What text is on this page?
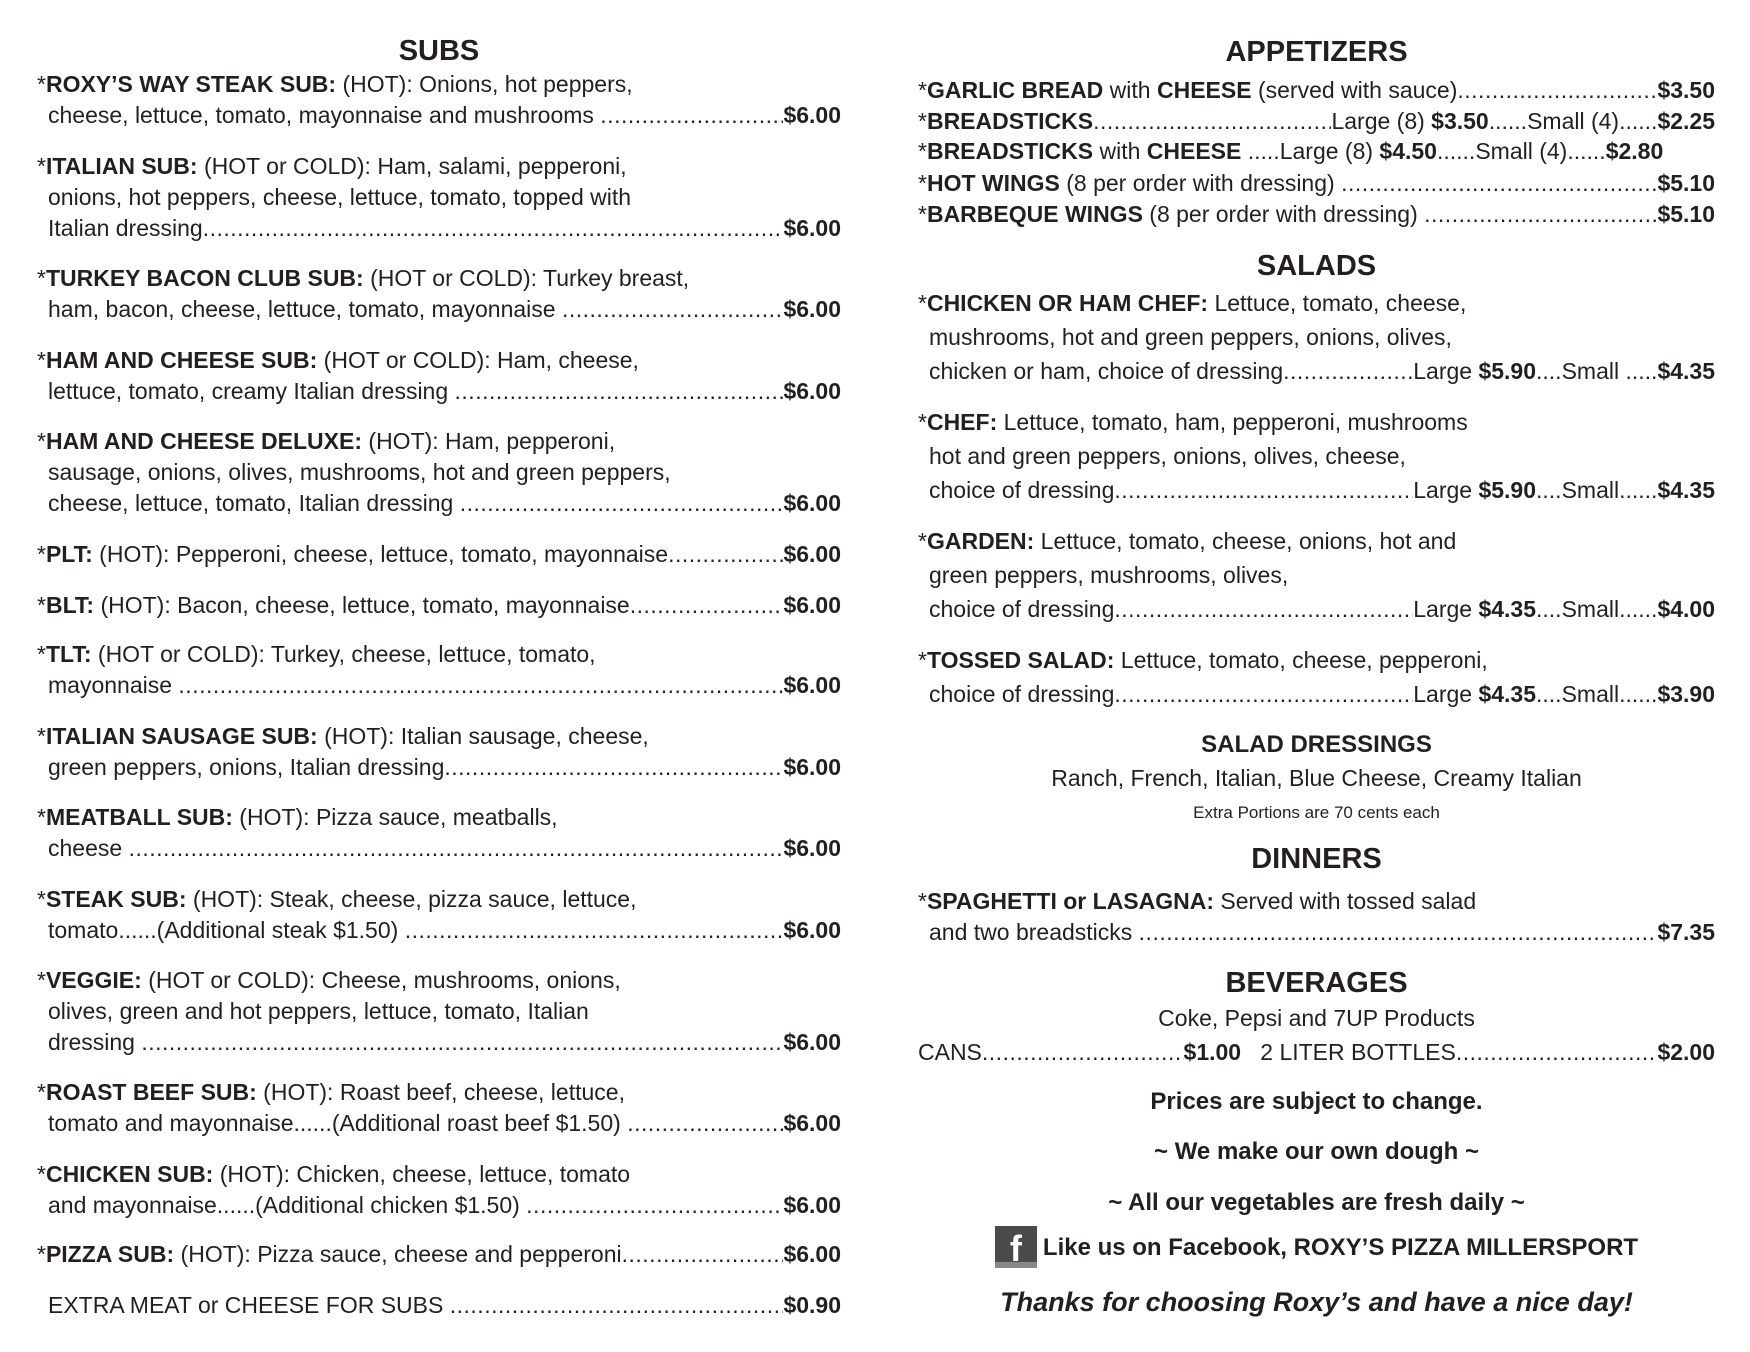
SUBS
* ROXY’S WAY STEAK SUB: (HOT): Onions, hot peppers,
cheese, lettuce, tomato, mayonnaise and mushrooms .....	$6.00
* ITALIAN SUB: (HOT or COLD): Ham, salami, pepperoni,
onions, hot peppers, cheese, lettuce, tomato, topped with
Italian dressing .....	$6.00
* TURKEY BACON CLUB SUB: (HOT or COLD): Turkey breast,
ham, bacon, cheese, lettuce, tomato, mayonnaise .....	$6.00
* HAM AND CHEESE SUB: (HOT or COLD): Ham, cheese,
lettuce, tomato, creamy Italian dressing .....	$6.00
* HAM AND CHEESE DELUXE: (HOT): Ham, pepperoni,
sausage, onions, olives, mushrooms, hot and green peppers,
cheese, lettuce, tomato, Italian dressing .....	$6.00
* PLT: (HOT): Pepperoni, cheese, lettuce, tomato, mayonnaise .....	$6.00
* BLT: (HOT): Bacon, cheese, lettuce, tomato, mayonnaise .....	$6.00
* TLT: (HOT or COLD): Turkey, cheese, lettuce, tomato,
mayonnaise .....	$6.00
* ITALIAN SAUSAGE SUB: (HOT): Italian sausage, cheese,
green peppers, onions, Italian dressing .....	$6.00
* MEATBALL SUB: (HOT): Pizza sauce, meatballs,
cheese .....	$6.00
* STEAK SUB: (HOT): Steak, cheese, pizza sauce, lettuce,
tomato......(Additional steak $1.50) .....	$6.00
* VEGGIE: (HOT or COLD): Cheese, mushrooms, onions,
olives, green and hot peppers, lettuce, tomato, Italian
dressing .....	$6.00
* ROAST BEEF SUB: (HOT): Roast beef, cheese, lettuce,
tomato and mayonnaise......(Additional roast beef $1.50) .....	$6.00
* CHICKEN SUB: (HOT): Chicken, cheese, lettuce, tomato
and mayonnaise......(Additional chicken $1.50) .....	$6.00
* PIZZA SUB: (HOT): Pizza sauce, cheese and pepperoni .....	$6.00
EXTRA MEAT or CHEESE FOR SUBS .....	$0.90
APPETIZERS
* GARLIC BREAD with CHEESE (served with sauce) .....	$3.50
* BREADSTICKS .....	Large (8) $3.50 ......Small (4)...... $2.25
* BREADSTICKS with CHEESE .....Large (8) $4.50 ......Small (4)...... $2.80
* HOT WINGS (8 per order with dressing) .....	$5.10
* BARBEQUE WINGS (8 per order with dressing) .....	$5.10
SALADS
* CHICKEN OR HAM CHEF: Lettuce, tomato, cheese,
mushrooms, hot and green peppers, onions, olives,
chicken or ham, choice of dressing .....	Large $5.90 ....Small ..... $4.35
* CHEF: Lettuce, tomato, ham, pepperoni, mushrooms
hot and green peppers, onions, olives, cheese,
choice of dressing .....	Large $5.90 ....Small...... $4.35
* GARDEN: Lettuce, tomato, cheese, onions, hot and
green peppers, mushrooms, olives,
choice of dressing .....	Large $4.35 ....Small...... $4.00
* TOSSED SALAD: Lettuce, tomato, cheese, pepperoni,
choice of dressing .....	Large $4.35 ....Small...... $3.90
SALAD DRESSINGS
Ranch, French, Italian, Blue Cheese, Creamy Italian
Extra Portions are 70 cents each
DINNERS
* SPAGHETTI or LASAGNA: Served with tossed salad
and two breadsticks .....	$7.35
BEVERAGES
Coke, Pepsi and 7UP Products
CANS .....	$1.00 2 LITER BOTTLES .....	$2.00
Prices are subject to change.
~ We make our own dough ~
~ All our vegetables are fresh daily ~
f Like us on Facebook, ROXY’S PIZZA MILLERSPORT
Thanks for choosing Roxy’s and have a nice day!
